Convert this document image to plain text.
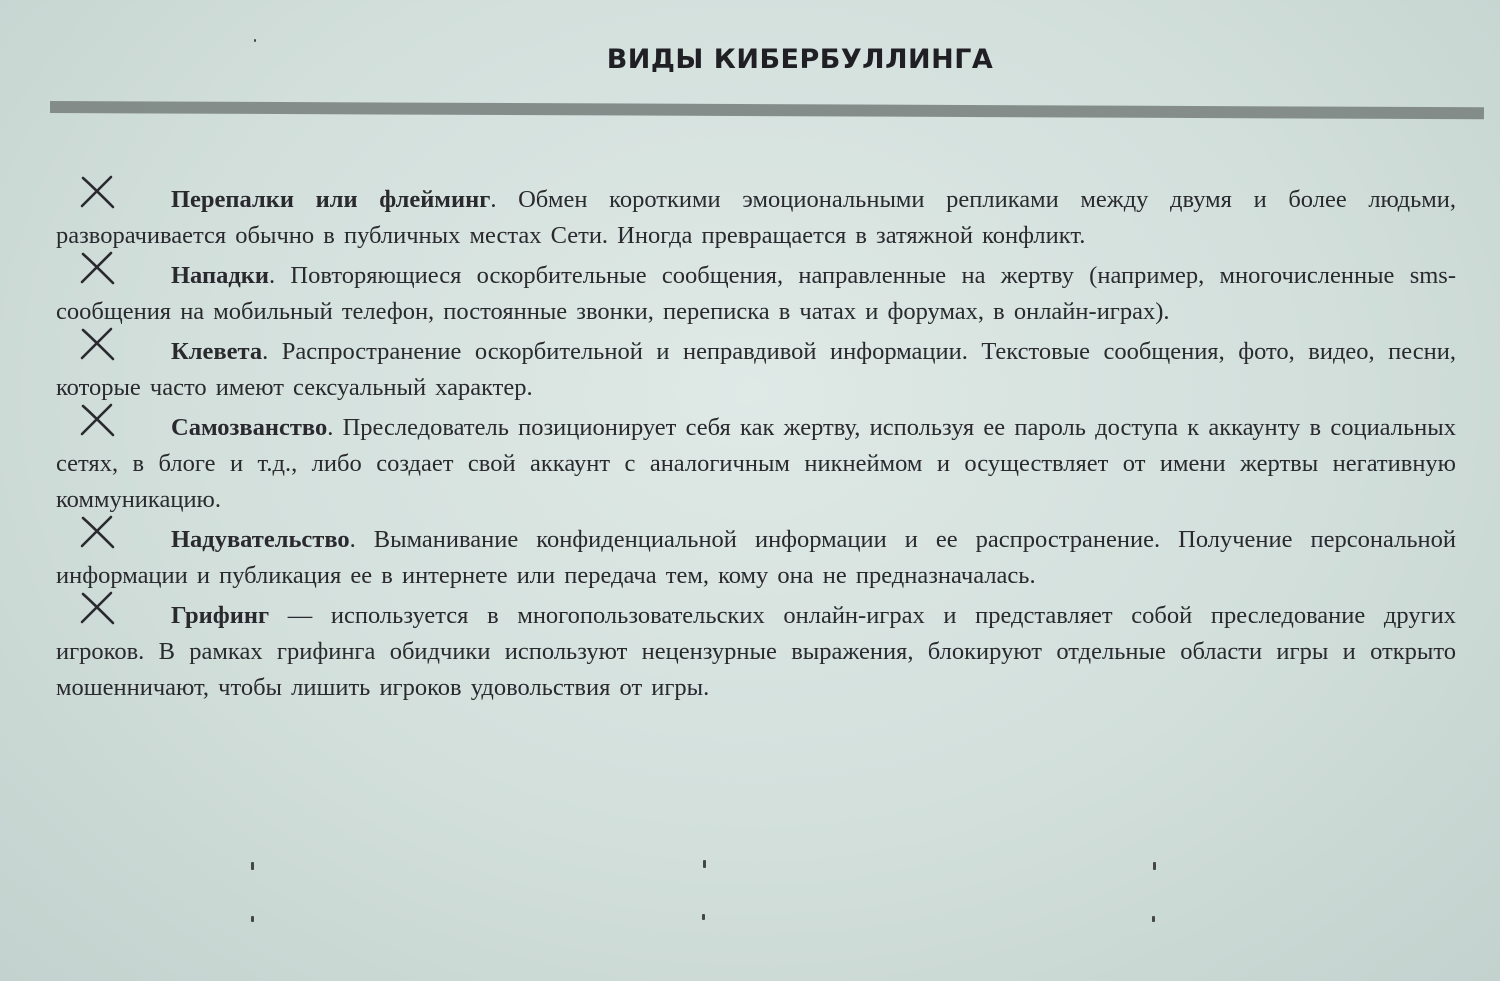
ВИДЫ КИБЕРБУЛЛИНГА
Перепалки или флейминг. Обмен короткими эмоциональными репликами между двумя и более людьми, разворачивается обычно в публичных местах Сети. Иногда превращается в затяжной конфликт.
Нападки. Повторяющиеся оскорбительные сообщения, направленные на жертву (например, многочисленные sms-сообщения на мобильный телефон, постоянные звонки, переписка в чатах и форумах, в онлайн-играх).
Клевета. Распространение оскорбительной и неправдивой информации. Текстовые сообщения, фото, видео, песни, которые часто имеют сексуальный характер.
Самозванство. Преследователь позиционирует себя как жертву, используя ее пароль доступа к аккаунту в социальных сетях, в блоге и т.д., либо создает свой аккаунт с аналогичным никнеймом и осуществляет от имени жертвы негативную коммуникацию.
Надувательство. Выманивание конфиденциальной информации и ее распространение. Получение персональной информации и публикация ее в интернете или передача тем, кому она не предназначалась.
Грифинг — используется в многопользовательских онлайн-играх и представляет собой преследование других игроков. В рамках грифинга обидчики используют нецензурные выражения, блокируют отдельные области игры и открыто мошенничают, чтобы лишить игроков удовольствия от игры.
